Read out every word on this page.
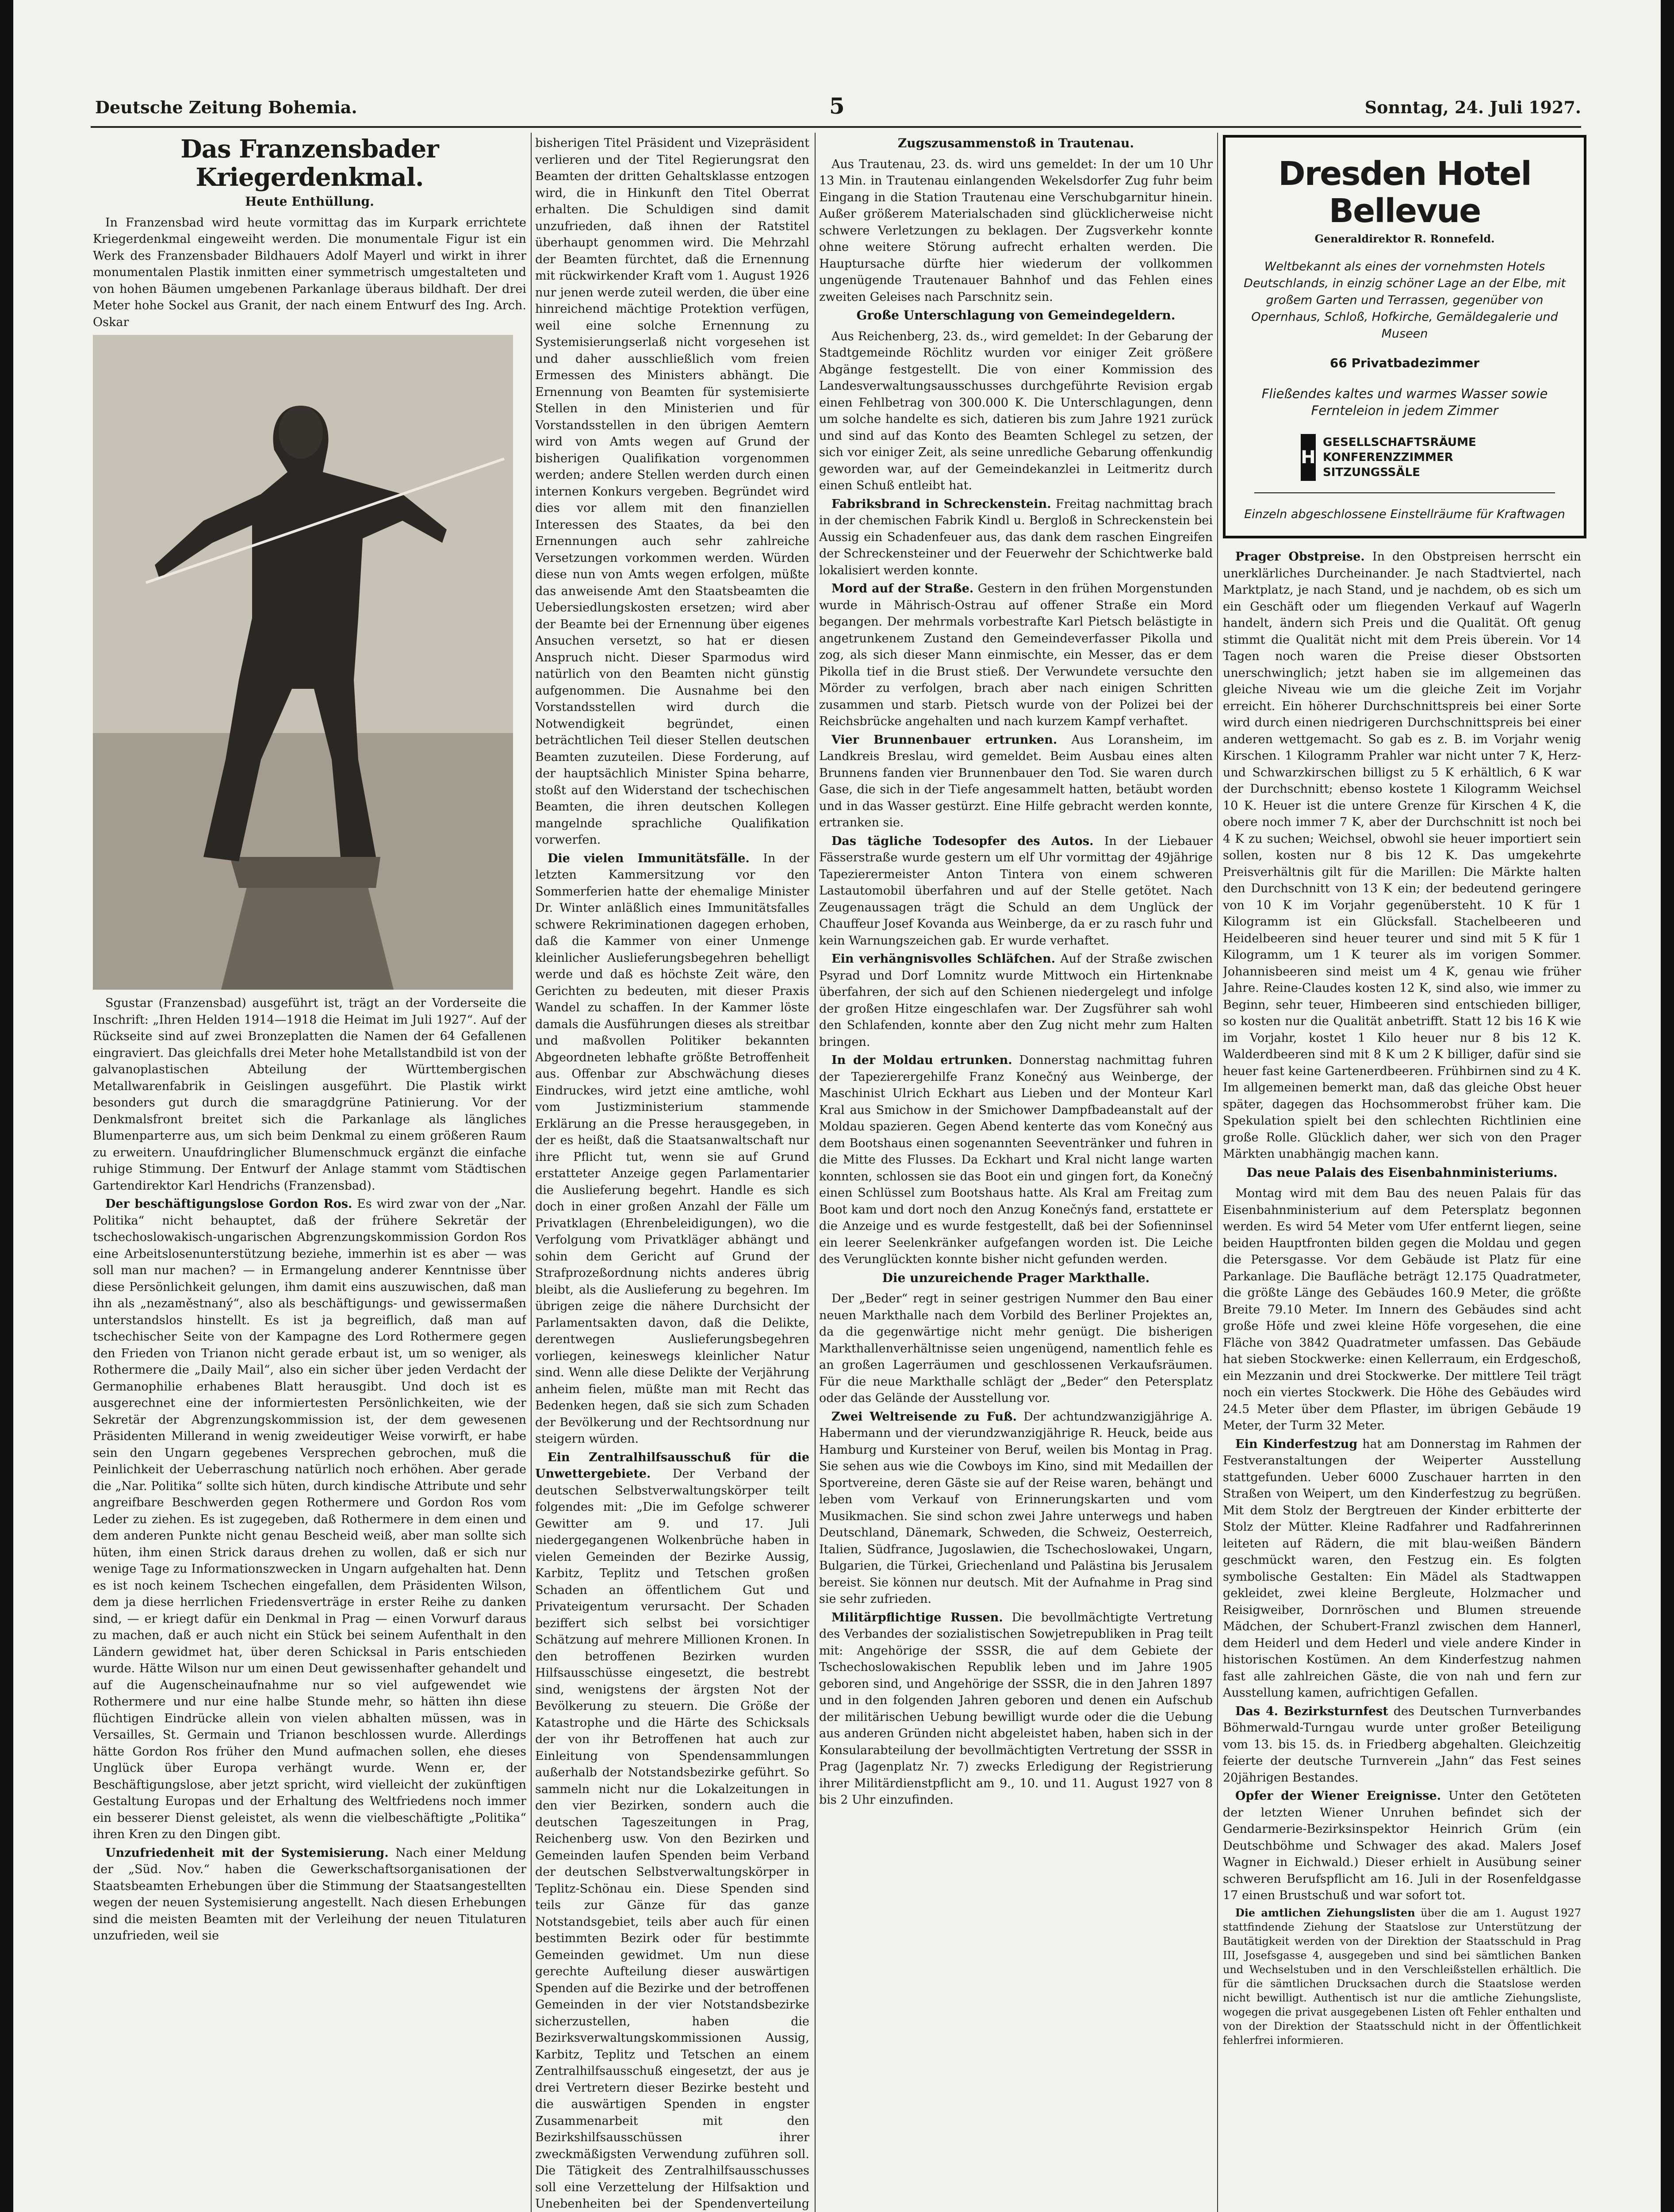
Deutsche Zeitung Bohemia.	5	Sonntag, 24. Juli 1927.
Das Franzensbader Kriegerdenkmal.
Heute Enthüllung.

In Franzensbad wird heute vormittag das im Kurpark errichtete Kriegerdenkmal eingeweiht werden. Die monumentale Figur ist ein Werk des Franzensbader Bildhauers Adolf Mayerl und wirkt in ihrer monumentalen Plastik inmitten einer symmetrisch umgestalteten und von hohen Bäumen umgebenen Parkanlage überaus bildhaft. Der drei Meter hohe Sockel aus Granit, der nach einem Entwurf des Ing. Arch. Oskar

Sgustar (Franzensbad) ausgeführt ist, trägt an der Vorderseite die Inschrift: „Ihren Helden 1914—1918 die Heimat im Juli 1927“. Auf der Rückseite sind auf zwei Bronzeplatten die Namen der 64 Gefallenen eingraviert. Das gleichfalls drei Meter hohe Metallstandbild ist von der galvanoplastischen Abteilung der Württembergischen Metallwarenfabrik in Geislingen ausgeführt. Die Plastik wirkt besonders gut durch die smaragdgrüne Patinierung. Vor der Denkmalsfront breitet sich die Parkanlage als längliches Blumenparterre aus, um sich beim Denkmal zu einem größeren Raum zu erweitern. Unaufdringlicher Blumenschmuck ergänzt die einfache ruhige Stimmung. Der Entwurf der Anlage stammt vom Städtischen Gartendirektor Karl Hendrichs (Franzensbad).

Der beschäftigungslose Gordon Ros. Es wird zwar von der „Nar. Politika“ nicht behauptet, daß der frühere Sekretär der tschechoslowakisch-ungarischen Abgrenzungskommission Gordon Ros eine Arbeitslosenunterstützung beziehe, immerhin ist es aber — was soll man nur machen? — in Ermangelung anderer Kenntnisse über diese Persönlichkeit gelungen, ihm damit eins auszuwischen, daß man ihn als „nezaměstnaný“, also als beschäftigungs- und gewissermaßen unterstandslos hinstellt. Es ist ja begreiflich, daß man auf tschechischer Seite von der Kampagne des Lord Rothermere gegen den Frieden von Trianon nicht gerade erbaut ist, um so weniger, als Rothermere die „Daily Mail“, also ein sicher über jeden Verdacht der Germanophilie erhabenes Blatt herausgibt. Und doch ist es ausgerechnet eine der informiertesten Persönlichkeiten, wie der Sekretär der Abgrenzungskommission ist, der dem gewesenen Präsidenten Millerand in wenig zweideutiger Weise vorwirft, er habe sein den Ungarn gegebenes Versprechen gebrochen, muß die Peinlichkeit der Ueberraschung natürlich noch erhöhen. Aber gerade die „Nar. Politika“ sollte sich hüten, durch kindische Attribute und sehr angreifbare Beschwerden gegen Rothermere und Gordon Ros vom Leder zu ziehen. Es ist zugegeben, daß Rothermere in dem einen und dem anderen Punkte nicht genau Bescheid weiß, aber man sollte sich hüten, ihm einen Strick daraus drehen zu wollen, daß er sich nur wenige Tage zu Informationszwecken in Ungarn aufgehalten hat. Denn es ist noch keinem Tschechen eingefallen, dem Präsidenten Wilson, dem ja diese herrlichen Friedensverträge in erster Reihe zu danken sind, — er kriegt dafür ein Denkmal in Prag — einen Vorwurf daraus zu machen, daß er auch nicht ein Stück bei seinem Aufenthalt in den Ländern gewidmet hat, über deren Schicksal in Paris entschieden wurde. Hätte Wilson nur um einen Deut gewissenhafter gehandelt und auf die Augenscheinaufnahme nur so viel aufgewendet wie Rothermere und nur eine halbe Stunde mehr, so hätten ihn diese flüchtigen Eindrücke allein von vielen abhalten müssen, was in Versailles, St. Germain und Trianon beschlossen wurde. Allerdings hätte Gordon Ros früher den Mund aufmachen sollen, ehe dieses Unglück über Europa verhängt wurde. Wenn er, der Beschäftigungslose, aber jetzt spricht, wird vielleicht der zukünftigen Gestaltung Europas und der Erhaltung des Weltfriedens noch immer ein besserer Dienst geleistet, als wenn die vielbeschäftigte „Politika“ ihren Kren zu den Dingen gibt.

Unzufriedenheit mit der Systemisierung. Nach einer Meldung der „Süd. Nov.“ haben die Gewerkschaftsorganisationen der Staatsbeamten Erhebungen über die Stimmung der Staatsangestellten wegen der neuen Systemisierung angestellt. Nach diesen Erhebungen sind die meisten Beamten mit der Verleihung der neuen Titulaturen unzufrieden, weil sie

bisherigen Titel Präsident und Vizepräsident verlieren und der Titel Regierungsrat den Beamten der dritten Gehaltsklasse entzogen wird, die in Hinkunft den Titel Oberrat erhalten. Die Schuldigen sind damit unzufrieden, daß ihnen der Ratstitel überhaupt genommen wird. Die Mehrzahl der Beamten fürchtet, daß die Ernennung mit rückwirkender Kraft vom 1. August 1926 nur jenen werde zuteil werden, die über eine hinreichend mächtige Protektion verfügen, weil eine solche Ernennung zu Systemisierungserlaß nicht vorgesehen ist und daher ausschließlich vom freien Ermessen des Ministers abhängt. Die Ernennung von Beamten für systemisierte Stellen in den Ministerien und für Vorstandsstellen in den übrigen Aemtern wird von Amts wegen auf Grund der bisherigen Qualifikation vorgenommen werden; andere Stellen werden durch einen internen Konkurs vergeben. Begründet wird dies vor allem mit den finanziellen Interessen des Staates, da bei den Ernennungen auch sehr zahlreiche Versetzungen vorkommen werden. Würden diese nun von Amts wegen erfolgen, müßte das anweisende Amt den Staatsbeamten die Uebersiedlungskosten ersetzen; wird aber der Beamte bei der Ernennung über eigenes Ansuchen versetzt, so hat er diesen Anspruch nicht. Dieser Sparmodus wird natürlich von den Beamten nicht günstig aufgenommen. Die Ausnahme bei den Vorstandsstellen wird durch die Notwendigkeit begründet, einen beträchtlichen Teil dieser Stellen deutschen Beamten zuzuteilen. Diese Forderung, auf der hauptsächlich Minister Spina beharre, stoßt auf den Widerstand der tschechischen Beamten, die ihren deutschen Kollegen mangelnde sprachliche Qualifikation vorwerfen.

Die vielen Immunitätsfälle. In der letzten Kammersitzung vor den Sommerferien hatte der ehemalige Minister Dr. Winter anläßlich eines Immunitätsfalles schwere Rekriminationen dagegen erhoben, daß die Kammer von einer Unmenge kleinlicher Auslieferungsbegehren behelligt werde und daß es höchste Zeit wäre, den Gerichten zu bedeuten, mit dieser Praxis Wandel zu schaffen. In der Kammer löste damals die Ausführungen dieses als streitbar und maßvollen Politiker bekannten Abgeordneten lebhafte größte Betroffenheit aus. Offenbar zur Abschwächung dieses Eindruckes, wird jetzt eine amtliche, wohl vom Justizministerium stammende Erklärung an die Presse herausgegeben, in der es heißt, daß die Staatsanwaltschaft nur ihre Pflicht tut, wenn sie auf Grund erstatteter Anzeige gegen Parlamentarier die Auslieferung begehrt. Handle es sich doch in einer großen Anzahl der Fälle um Privatklagen (Ehrenbeleidigungen), wo die Verfolgung vom Privatkläger abhängt und sohin dem Gericht auf Grund der Strafprozeßordnung nichts anderes übrig bleibt, als die Auslieferung zu begehren. Im übrigen zeige die nähere Durchsicht der Parlamentsakten davon, daß die Delikte, derentwegen Auslieferungsbegehren vorliegen, keineswegs kleinlicher Natur sind. Wenn alle diese Delikte der Verjährung anheim fielen, müßte man mit Recht das Bedenken hegen, daß sie sich zum Schaden der Bevölkerung und der Rechtsordnung nur steigern würden.

Ein Zentralhilfsausschuß für die Unwettergebiete. Der Verband der deutschen Selbstverwaltungskörper teilt folgendes mit: „Die im Gefolge schwerer Gewitter am 9. und 17. Juli niedergegangenen Wolkenbrüche haben in vielen Gemeinden der Bezirke Aussig, Karbitz, Teplitz und Tetschen großen Schaden an öffentlichem Gut und Privateigentum verursacht. Der Schaden beziffert sich selbst bei vorsichtiger Schätzung auf mehrere Millionen Kronen. In den betroffenen Bezirken wurden Hilfsausschüsse eingesetzt, die bestrebt sind, wenigstens der ärgsten Not der Bevölkerung zu steuern. Die Größe der Katastrophe und die Härte des Schicksals der von ihr Betroffenen hat auch zur Einleitung von Spendensammlungen außerhalb der Notstandsbezirke geführt. So sammeln nicht nur die Lokalzeitungen in den vier Bezirken, sondern auch die deutschen Tageszeitungen in Prag, Reichenberg usw. Von den Bezirken und Gemeinden laufen Spenden beim Verband der deutschen Selbstverwaltungskörper in Teplitz-Schönau ein. Diese Spenden sind teils zur Gänze für das ganze Notstandsgebiet, teils aber auch für einen bestimmten Bezirk oder für bestimmte Gemeinden gewidmet. Um nun diese gerechte Aufteilung dieser auswärtigen Spenden auf die Bezirke und der betroffenen Gemeinden in der vier Notstandsbezirke sicherzustellen, haben die Bezirksverwaltungskommissionen Aussig, Karbitz, Teplitz und Tetschen an einem Zentralhilfsausschuß eingesetzt, der aus je drei Vertretern dieser Bezirke besteht und die auswärtigen Spenden in engster Zusammenarbeit mit den Bezirkshilfsausschüssen ihrer zweckmäßigsten Verwendung zuführen soll. Die Tätigkeit des Zentralhilfsausschusses soll eine Verzettelung der Hilfsaktion und Unebenheiten bei der Spendenverteilung

Zugszusammenstoß in Trautenau.

Aus Trautenau, 23. ds. wird uns gemeldet: In der um 10 Uhr 13 Min. in Trautenau einlangenden Wekelsdorfer Zug fuhr beim Eingang in die Station Trautenau eine Verschubgarnitur hinein. Außer größerem Materialschaden sind glücklicherweise nicht schwere Verletzungen zu beklagen. Der Zugsverkehr konnte ohne weitere Störung aufrecht erhalten werden. Die Hauptursache dürfte hier wiederum der vollkommen ungenügende Trautenauer Bahnhof und das Fehlen eines zweiten Geleises nach Parschnitz sein.

Große Unterschlagung von Gemeindegeldern.

Aus Reichenberg, 23. ds., wird gemeldet: In der Gebarung der Stadtgemeinde Röchlitz wurden vor einiger Zeit größere Abgänge festgestellt. Die von einer Kommission des Landesverwaltungsausschusses durchgeführte Revision ergab einen Fehlbetrag von 300.000 K. Die Unterschlagungen, denn um solche handelte es sich, datieren bis zum Jahre 1921 zurück und sind auf das Konto des Beamten Schlegel zu setzen, der sich vor einiger Zeit, als seine unredliche Gebarung offenkundig geworden war, auf der Gemeindekanzlei in Leitmeritz durch einen Schuß entleibt hat.

Fabriksbrand in Schreckenstein. Freitag nachmittag brach in der chemischen Fabrik Kindl u. Bergloß in Schreckenstein bei Aussig ein Schadenfeuer aus, das dank dem raschen Eingreifen der Schreckensteiner und der Feuerwehr der Schichtwerke bald lokalisiert werden konnte.

Mord auf der Straße. Gestern in den frühen Morgenstunden wurde in Mährisch-Ostrau auf offener Straße ein Mord begangen. Der mehrmals vorbestrafte Karl Pietsch belästigte in angetrunkenem Zustand den Gemeindeverfasser Pikolla und zog, als sich dieser Mann einmischte, ein Messer, das er dem Pikolla tief in die Brust stieß. Der Verwundete versuchte den Mörder zu verfolgen, brach aber nach einigen Schritten zusammen und starb. Pietsch wurde von der Polizei bei der Reichsbrücke angehalten und nach kurzem Kampf verhaftet.

Vier Brunnenbauer ertrunken. Aus Loransheim, im Landkreis Breslau, wird gemeldet. Beim Ausbau eines alten Brunnens fanden vier Brunnenbauer den Tod. Sie waren durch Gase, die sich in der Tiefe angesammelt hatten, betäubt worden und in das Wasser gestürzt. Eine Hilfe gebracht werden konnte, ertranken sie.

Das tägliche Todesopfer des Autos. In der Liebauer Fässerstraße wurde gestern um elf Uhr vormittag der 49jährige Tapezierermeister Anton Tintera von einem schweren Lastautomobil überfahren und auf der Stelle getötet. Nach Zeugenaussagen trägt die Schuld an dem Unglück der Chauffeur Josef Kovanda aus Weinberge, da er zu rasch fuhr und kein Warnungszeichen gab. Er wurde verhaftet.

Ein verhängnisvolles Schläfchen. Auf der Straße zwischen Psyrad und Dorf Lomnitz wurde Mittwoch ein Hirtenknabe überfahren, der sich auf den Schienen niedergelegt und infolge der großen Hitze eingeschlafen war. Der Zugsführer sah wohl den Schlafenden, konnte aber den Zug nicht mehr zum Halten bringen.

In der Moldau ertrunken. Donnerstag nachmittag fuhren der Tapezierergehilfe Franz Konečný aus Weinberge, der Maschinist Ulrich Eckhart aus Lieben und der Monteur Karl Kral aus Smichow in der Smichower Dampfbadeanstalt auf der Moldau spazieren. Gegen Abend kenterte das vom Konečný aus dem Bootshaus einen sogenannten Seeventränker und fuhren in die Mitte des Flusses. Da Eckhart und Kral nicht lange warten konnten, schlossen sie das Boot ein und gingen fort, da Konečný einen Schlüssel zum Bootshaus hatte. Als Kral am Freitag zum Boot kam und dort noch den Anzug Konečnýs fand, erstattete er die Anzeige und es wurde festgestellt, daß bei der Sofienninsel ein leerer Seelenkränker aufgefangen worden ist. Die Leiche des Verunglückten konnte bisher nicht gefunden werden.

Die unzureichende Prager Markthalle.

Der „Beder“ regt in seiner gestrigen Nummer den Bau einer neuen Markthalle nach dem Vorbild des Berliner Projektes an, da die gegenwärtige nicht mehr genügt. Die bisherigen Markthallenverhältnisse seien ungenügend, namentlich fehle es an großen Lagerräumen und geschlossenen Verkaufsräumen. Für die neue Markthalle schlägt der „Beder“ den Petersplatz oder das Gelände der Ausstellung vor.

Zwei Weltreisende zu Fuß. Der achtundzwanzigjährige A. Habermann und der vierundzwanzigjährige R. Heuck, beide aus Hamburg und Kursteiner von Beruf, weilen bis Montag in Prag. Sie sehen aus wie die Cowboys im Kino, sind mit Medaillen der Sportvereine, deren Gäste sie auf der Reise waren, behängt und leben vom Verkauf von Erinnerungskarten und vom Musikmachen. Sie sind schon zwei Jahre unterwegs und haben Deutschland, Dänemark, Schweden, die Schweiz, Oesterreich, Italien, Südfrance, Jugoslawien, die Tschechoslowakei, Ungarn, Bulgarien, die Türkei, Griechenland und Palästina bis Jerusalem bereist. Sie können nur deutsch. Mit der Aufnahme in Prag sind sie sehr zufrieden.

Militärpflichtige Russen. Die bevollmächtigte Vertretung des Verbandes der sozialistischen Sowjetrepubliken in Prag teilt mit: Angehörige der SSSR, die auf dem Gebiete der Tschechoslowakischen Republik leben und im Jahre 1905 geboren sind, und Angehörige der SSSR, die in den Jahren 1897 und in den folgenden Jahren geboren und denen ein Aufschub der militärischen Uebung bewilligt wurde oder die die Uebung aus anderen Gründen nicht abgeleistet haben, haben sich in der Konsularabteilung der bevollmächtigten Vertretung der SSSR in Prag (Jagenplatz Nr. 7) zwecks Erledigung der Registrierung ihrer Militärdienstpflicht am 9., 10. und 11. August 1927 von 8 bis 2 Uhr einzufinden.

Dresden Hotel Bellevue
Generaldirektor R. Ronnefeld.
Weltbekannt als eines der vornehmsten Hotels Deutschlands, in einzig schöner Lage an der Elbe, mit großem Garten und Terrassen, gegenüber von Opernhaus, Schloß, Hofkirche, Gemäldegalerie und Museen
66 Privatbadezimmer
Fließendes kaltes und warmes Wasser sowie Fernteleion in jedem Zimmer
H
GESELLSCHAFTSRÄUME
KONFERENZZIMMER
SITZUNGSSÄLE
Einzeln abgeschlossene Einstellräume für Kraftwagen

Prager Obstpreise. In den Obstpreisen herrscht ein unerklärliches Durcheinander. Je nach Stadtviertel, nach Marktplatz, je nach Stand, und je nachdem, ob es sich um ein Geschäft oder um fliegenden Verkauf auf Wagerln handelt, ändern sich Preis und die Qualität. Oft genug stimmt die Qualität nicht mit dem Preis überein. Vor 14 Tagen noch waren die Preise dieser Obstsorten unerschwinglich; jetzt haben sie im allgemeinen das gleiche Niveau wie um die gleiche Zeit im Vorjahr erreicht. Ein höherer Durchschnittspreis bei einer Sorte wird durch einen niedrigeren Durchschnittspreis bei einer anderen wettgemacht. So gab es z. B. im Vorjahr wenig Kirschen. 1 Kilogramm Prahler war nicht unter 7 K, Herz- und Schwarzkirschen billigst zu 5 K erhältlich, 6 K war der Durchschnitt; ebenso kostete 1 Kilogramm Weichsel 10 K. Heuer ist die untere Grenze für Kirschen 4 K, die obere noch immer 7 K, aber der Durchschnitt ist noch bei 4 K zu suchen; Weichsel, obwohl sie heuer importiert sein sollen, kosten nur 8 bis 12 K. Das umgekehrte Preisverhältnis gilt für die Marillen: Die Märkte halten den Durchschnitt von 13 K ein; der bedeutend geringere von 10 K im Vorjahr gegenübersteht. 10 K für 1 Kilogramm ist ein Glücksfall. Stachelbeeren und Heidelbeeren sind heuer teurer und sind mit 5 K für 1 Kilogramm, um 1 K teurer als im vorigen Sommer. Johannisbeeren sind meist um 4 K, genau wie früher Jahre. Reine-Claudes kosten 12 K, sind also, wie immer zu Beginn, sehr teuer, Himbeeren sind entschieden billiger, so kosten nur die Qualität anbetrifft. Statt 12 bis 16 K wie im Vorjahr, kostet 1 Kilo heuer nur 8 bis 12 K. Walderdbeeren sind mit 8 K um 2 K billiger, dafür sind sie heuer fast keine Gartenerdbeeren. Frühbirnen sind zu 4 K. Im allgemeinen bemerkt man, daß das gleiche Obst heuer später, dagegen das Hochsommerobst früher kam. Die Spekulation spielt bei den schlechten Richtlinien eine große Rolle. Glücklich daher, wer sich von den Prager Märkten unabhängig machen kann.

Das neue Palais des Eisenbahnministeriums.

Montag wird mit dem Bau des neuen Palais für das Eisenbahnministerium auf dem Petersplatz begonnen werden. Es wird 54 Meter vom Ufer entfernt liegen, seine beiden Hauptfronten bilden gegen die Moldau und gegen die Petersgasse. Vor dem Gebäude ist Platz für eine Parkanlage. Die Baufläche beträgt 12.175 Quadratmeter, die größte Länge des Gebäudes 160.9 Meter, die größte Breite 79.10 Meter. Im Innern des Gebäudes sind acht große Höfe und zwei kleine Höfe vorgesehen, die eine Fläche von 3842 Quadratmeter umfassen. Das Gebäude hat sieben Stockwerke: einen Kellerraum, ein Erdgeschoß, ein Mezzanin und drei Stockwerke. Der mittlere Teil trägt noch ein viertes Stockwerk. Die Höhe des Gebäudes wird 24.5 Meter über dem Pflaster, im übrigen Gebäude 19 Meter, der Turm 32 Meter.

Ein Kinderfestzug hat am Donnerstag im Rahmen der Festveranstaltungen der Weiperter Ausstellung stattgefunden. Ueber 6000 Zuschauer harrten in den Straßen von Weipert, um den Kinderfestzug zu begrüßen. Mit dem Stolz der Bergtreuen der Kinder erbitterte der Stolz der Mütter. Kleine Radfahrer und Radfahrerinnen leiteten auf Rädern, die mit blau-weißen Bändern geschmückt waren, den Festzug ein. Es folgten symbolische Gestalten: Ein Mädel als Stadtwappen gekleidet, zwei kleine Bergleute, Holzmacher und Reisigweiber, Dornröschen und Blumen streuende Mädchen, der Schubert-Franzl zwischen dem Hannerl, dem Heiderl und dem Hederl und viele andere Kinder in historischen Kostümen. An dem Kinderfestzug nahmen fast alle zahlreichen Gäste, die von nah und fern zur Ausstellung kamen, aufrichtigen Gefallen.

Das 4. Bezirksturnfest des Deutschen Turnverbandes Böhmerwald-Turngau wurde unter großer Beteiligung vom 13. bis 15. ds. in Friedberg abgehalten. Gleichzeitig feierte der deutsche Turnverein „Jahn“ das Fest seines 20jährigen Bestandes.

Opfer der Wiener Ereignisse. Unter den Getöteten der letzten Wiener Unruhen befindet sich der Gendarmerie-Bezirksinspektor Heinrich Grüm (ein Deutschböhme und Schwager des akad. Malers Josef Wagner in Eichwald.) Dieser erhielt in Ausübung seiner schweren Berufspflicht am 16. Juli in der Rosenfeldgasse 17 einen Brustschuß und war sofort tot.

Die amtlichen Ziehungslisten über die am 1. August 1927 stattfindende Ziehung der Staatslose zur Unterstützung der Bautätigkeit werden von der Direktion der Staatsschuld in Prag III, Josefsgasse 4, ausgegeben und sind bei sämtlichen Banken und Wechselstuben und in den Verschleißstellen erhältlich. Die für die sämtlichen Drucksachen durch die Staatslose werden nicht bewilligt. Authentisch ist nur die amtliche Ziehungsliste, wogegen die privat ausgegebenen Listen oft Fehler enthalten und von der Direktion der Staatsschuld nicht in der Öffentlichkeit fehlerfrei informieren.
